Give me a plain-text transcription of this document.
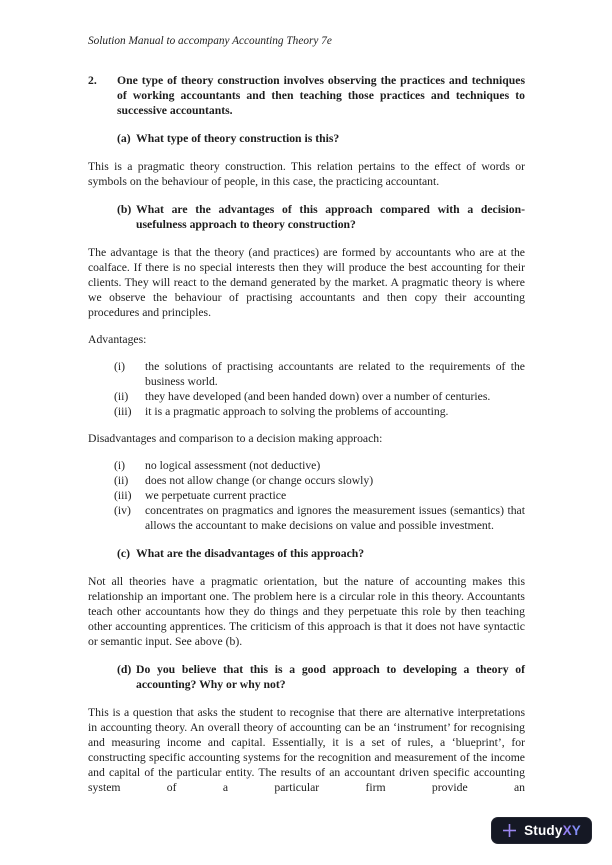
Solution Manual to accompany Accounting Theory 7e
2.	One type of theory construction involves observing the practices and techniques of working accountants and then teaching those practices and techniques to successive accountants.
(a) What type of theory construction is this?

This is a pragmatic theory construction. This relation pertains to the effect of words or symbols on the behaviour of people, in this case, the practicing accountant.

(b) What are the advantages of this approach compared with a decision-usefulness approach to theory construction?

The advantage is that the theory (and practices) are formed by accountants who are at the coalface. If there is no special interests then they will produce the best accounting for their clients. They will react to the demand generated by the market. A pragmatic theory is where we observe the behaviour of practising accountants and then copy their accounting procedures and principles.

Advantages:
(i)	the solutions of practising accountants are related to the requirements of the business world.
(ii)	they have developed (and been handed down) over a number of centuries.
(iii)	it is a pragmatic approach to solving the problems of accounting.
Disadvantages and comparison to a decision making approach:
(i)	no logical assessment (not deductive)
(ii)	does not allow change (or change occurs slowly)
(iii)	we perpetuate current practice
(iv)	concentrates on pragmatics and ignores the measurement issues (semantics) that allows the accountant to make decisions on value and possible investment.
(c) What are the disadvantages of this approach?

Not all theories have a pragmatic orientation, but the nature of accounting makes this relationship an important one. The problem here is a circular role in this theory. Accountants teach other accountants how they do things and they perpetuate this role by then teaching other accounting apprentices. The criticism of this approach is that it does not have syntactic or semantic input. See above (b).

(d) Do you believe that this is a good approach to developing a theory of accounting? Why or why not?

This is a question that asks the student to recognise that there are alternative interpretations in accounting theory. An overall theory of accounting can be an ‘instrument’ for recognising and measuring income and capital. Essentially, it is a set of rules, a ‘blueprint’, for constructing specific accounting systems for the recognition and measurement of the income and capital of the particular entity. The results of an accountant driven specific accounting system of a particular firm provide an

StudyXY
